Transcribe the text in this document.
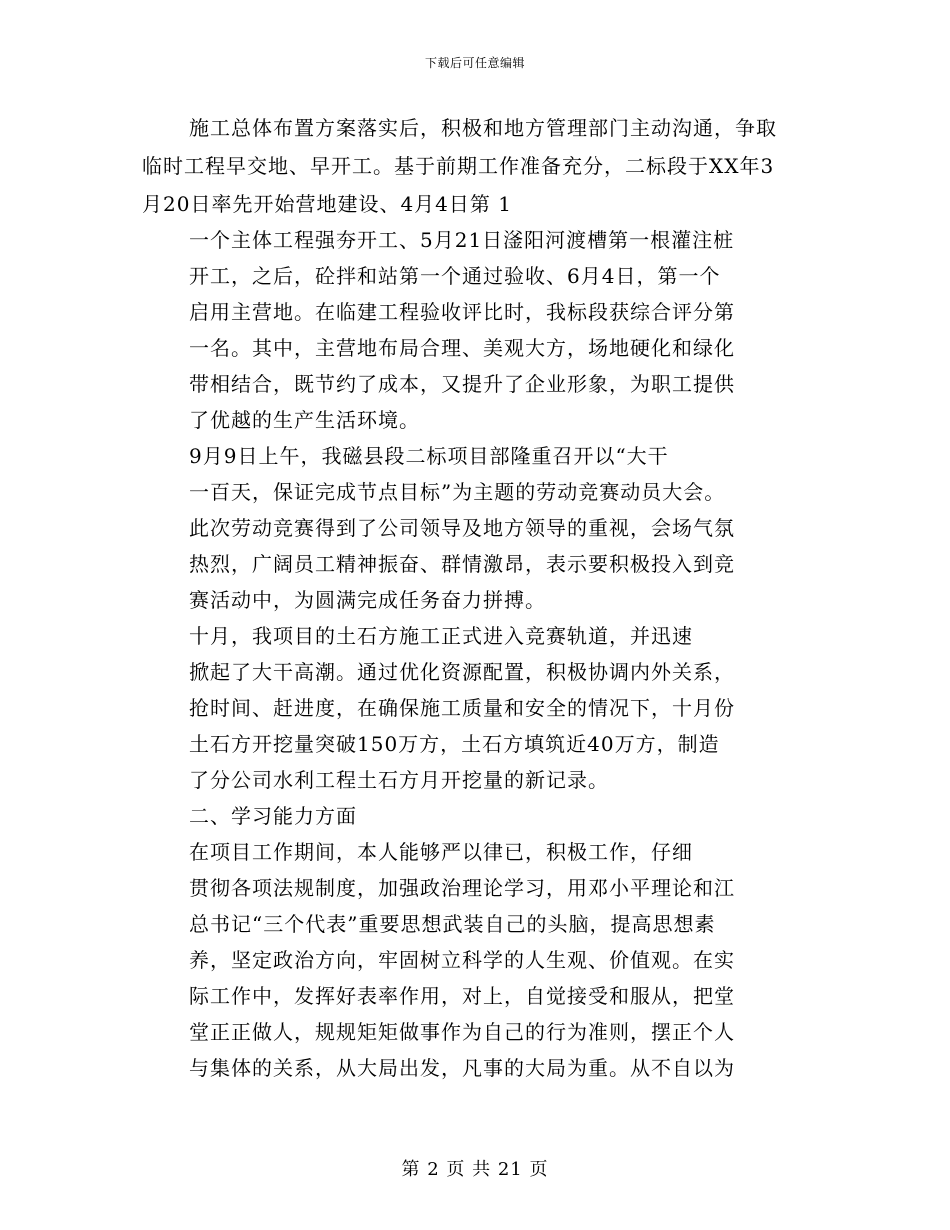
下载后可任意编辑
施工总体布置方案落实后，积极和地方管理部门主动沟通，争取
临时工程早交地、早开工。基于前期工作准备充分，二标段于XX年3
月20日率先开始营地建设、4月4日第 1
一个主体工程强夯开工、5月21日滏阳河渡槽第一根灌注桩
开工，之后，砼拌和站第一个通过验收、6月4日，第一个
启用主营地。在临建工程验收评比时，我标段获综合评分第
一名。其中，主营地布局合理、美观大方，场地硬化和绿化
带相结合，既节约了成本，又提升了企业形象，为职工提供
了优越的生产生活环境。
9月9日上午，我磁县段二标项目部隆重召开以“大干
一百天，保证完成节点目标”为主题的劳动竞赛动员大会。
此次劳动竞赛得到了公司领导及地方领导的重视，会场气氛
热烈，广阔员工精神振奋、群情激昂，表示要积极投入到竞
赛活动中，为圆满完成任务奋力拼搏。
十月，我项目的土石方施工正式进入竞赛轨道，并迅速
掀起了大干高潮。通过优化资源配置，积极协调内外关系，
抢时间、赶进度，在确保施工质量和安全的情况下，十月份
土石方开挖量突破150万方，土石方填筑近40万方，制造
了分公司水利工程土石方月开挖量的新记录。
二、学习能力方面
在项目工作期间，本人能够严以律已，积极工作，仔细
贯彻各项法规制度，加强政治理论学习，用邓小平理论和江
总书记“三个代表”重要思想武装自己的头脑，提高思想素
养，坚定政治方向，牢固树立科学的人生观、价值观。在实
际工作中，发挥好表率作用，对上，自觉接受和服从，把堂
堂正正做人，规规矩矩做事作为自己的行为准则，摆正个人
与集体的关系，从大局出发，凡事的大局为重。从不自以为
第 2 页 共 21 页
